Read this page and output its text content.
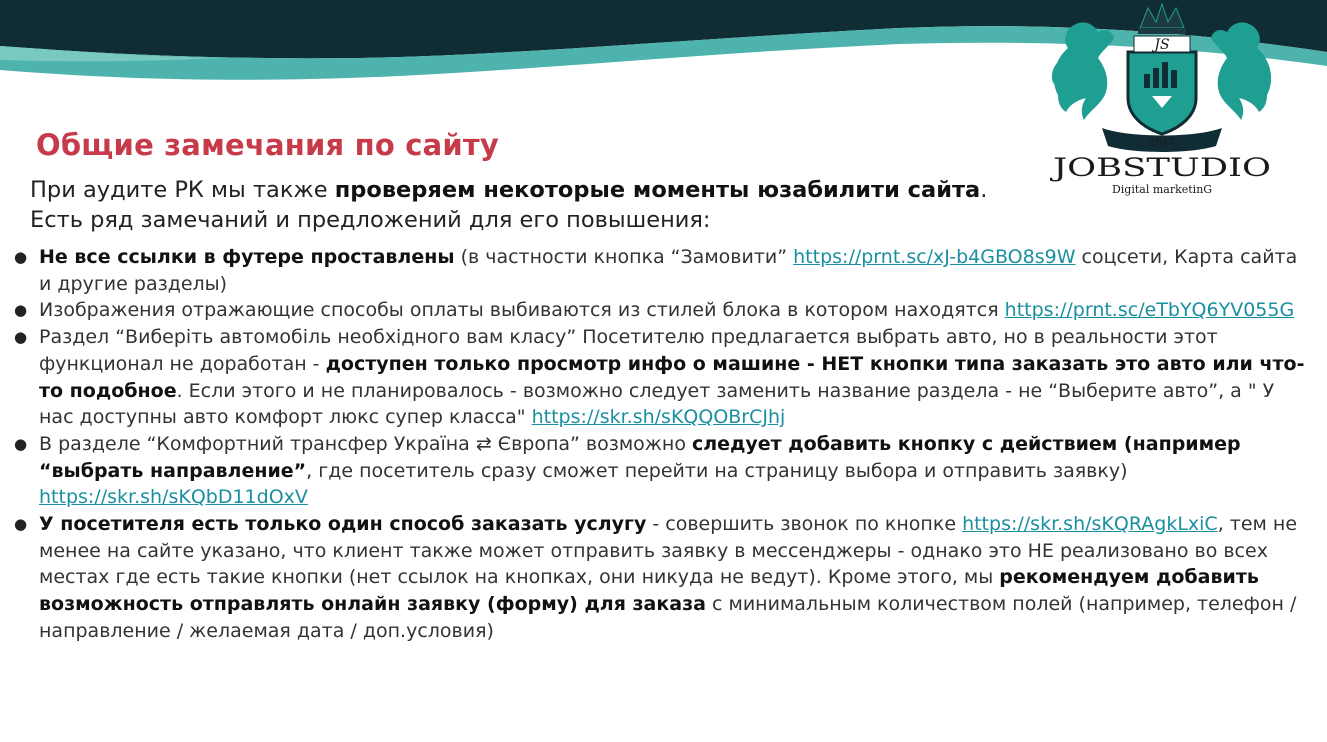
JS
2017
JOBSTUDIO
Digital marketinG
Общие замечания по сайту
При аудите РК мы также проверяем некоторые моменты юзабилити сайта.
Есть ряд замечаний и предложений для его повышения:
● Не все ссылки в футере проставлены (в частности кнопка “Замовити” https://prnt.sc/xJ-b4GBO8s9W соцсети, Карта сайта и другие разделы)
● Изображения отражающие способы оплаты выбиваются из стилей блока в котором находятся https://prnt.sc/eTbYQ6YV055G
● Раздел “Виберіть автомобіль необхідного вам класу” Посетителю предлагается выбрать авто, но в реальности этот функционал не доработан - доступен только просмотр инфо о машине - НЕТ кнопки типа заказать это авто или что-то подобное. Если этого и не планировалось - возможно следует заменить название раздела - не “Выберите авто”, а " У нас доступны авто комфорт люкс супер класса" https://skr.sh/sKQQOBrCJhj
● В разделе “Комфортний трансфер Україна ⇄ Європа” возможно следует добавить кнопку с действием (например “выбрать направление”, где посетитель сразу сможет перейти на страницу выбора и отправить заявку) https://skr.sh/sKQbD11dOxV
● У посетителя есть только один способ заказать услугу - совершить звонок по кнопке https://skr.sh/sKQRAgkLxiC, тем не менее на сайте указано, что клиент также может отправить заявку в мессенджеры - однако это НЕ реализовано во всех местах где есть такие кнопки (нет ссылок на кнопках, они никуда не ведут). Кроме этого, мы рекомендуем добавить возможность отправлять онлайн заявку (форму) для заказа с минимальным количеством полей (например, телефон / направление / желаемая дата / доп.условия)
